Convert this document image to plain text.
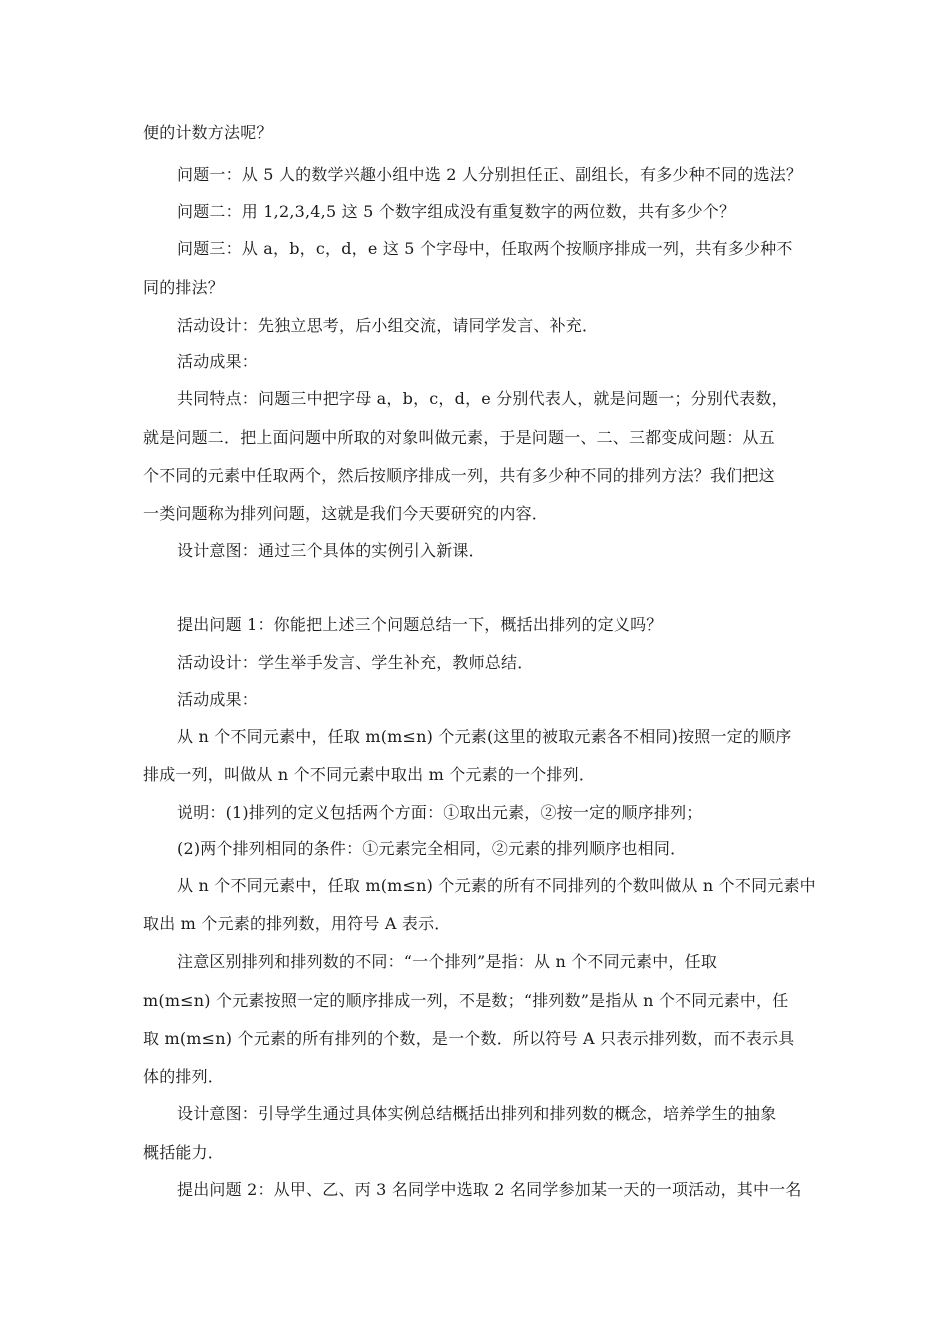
便的计数方法呢？
问题一：从 5 人的数学兴趣小组中选 2 人分别担任正、副组长，有多少种不同的选法？
问题二：用 1,2,3,4,5 这 5 个数字组成没有重复数字的两位数，共有多少个？
问题三：从 a，b，c，d，e 这 5 个字母中，任取两个按顺序排成一列，共有多少种不
同的排法？
活动设计：先独立思考，后小组交流，请同学发言、补充．
活动成果：
共同特点：问题三中把字母 a，b，c，d，e 分别代表人，就是问题一；分别代表数，
就是问题二．把上面问题中所取的对象叫做元素，于是问题一、二、三都变成问题：从五
个不同的元素中任取两个，然后按顺序排成一列，共有多少种不同的排列方法？我们把这
一类问题称为排列问题，这就是我们今天要研究的内容．
设计意图：通过三个具体的实例引入新课．
提出问题 1：你能把上述三个问题总结一下，概括出排列的定义吗？
活动设计：学生举手发言、学生补充，教师总结．
活动成果：
从 n 个不同元素中，任取 m(m≤n) 个元素(这里的被取元素各不相同)按照一定的顺序
排成一列，叫做从 n 个不同元素中取出 m 个元素的一个排列．
说明：(1)排列的定义包括两个方面：①取出元素，②按一定的顺序排列；
(2)两个排列相同的条件：①元素完全相同，②元素的排列顺序也相同．
从 n 个不同元素中，任取 m(m≤n) 个元素的所有不同排列的个数叫做从 n 个不同元素中
取出 m 个元素的排列数，用符号 A 表示．
注意区别排列和排列数的不同：“一个排列”是指：从 n 个不同元素中，任取
m(m≤n) 个元素按照一定的顺序排成一列，不是数；“排列数”是指从 n 个不同元素中，任
取 m(m≤n) 个元素的所有排列的个数，是一个数．所以符号 A 只表示排列数，而不表示具
体的排列．
设计意图：引导学生通过具体实例总结概括出排列和排列数的概念，培养学生的抽象
概括能力．
提出问题 2：从甲、乙、丙 3 名同学中选取 2 名同学参加某一天的一项活动，其中一名
